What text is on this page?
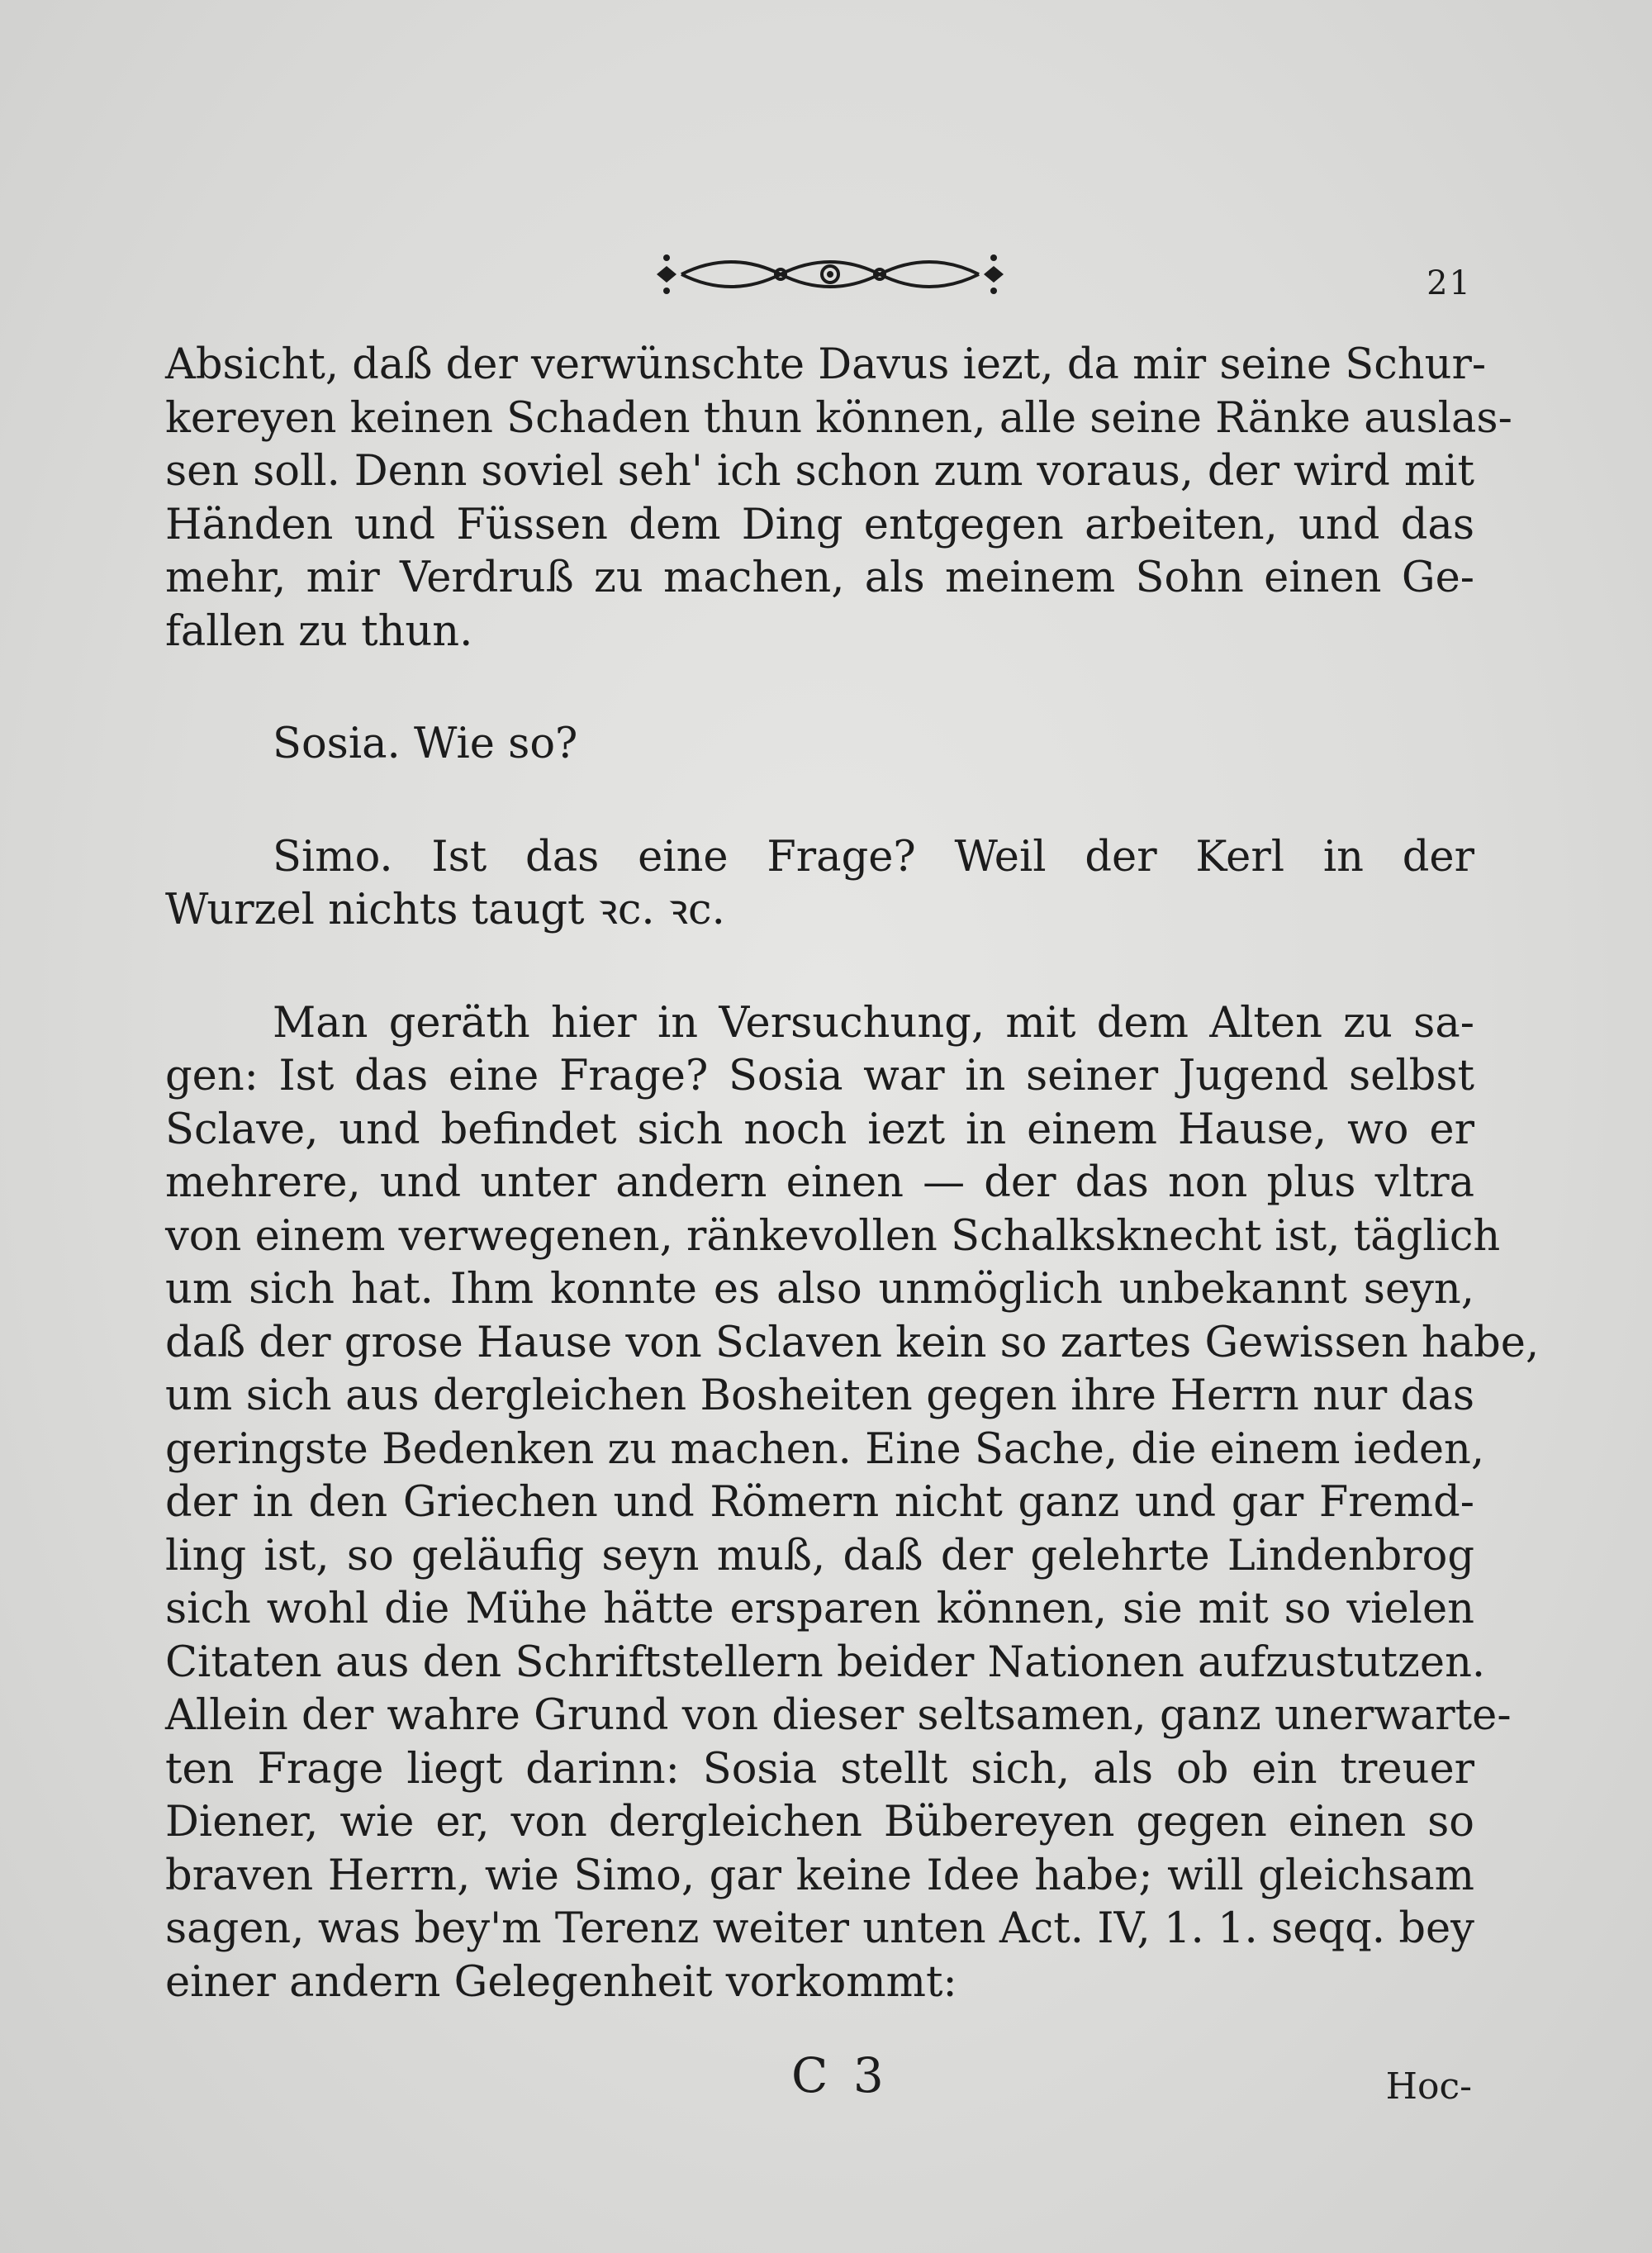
21

Absicht, daß der verwünschte Davus iezt, da mir seine Schur-
kereyen keinen Schaden thun können, alle seine Ränke auslas-
sen soll. Denn soviel seh' ich schon zum voraus, der wird mit
Händen und Füssen dem Ding entgegen arbeiten, und das
mehr, mir Verdruß zu machen, als meinem Sohn einen Ge-
fallen zu thun.

Sosia. Wie so?

Simo. Ist das eine Frage? Weil der Kerl in der
Wurzel nichts taugt ꝛc. ꝛc.

Man geräth hier in Versuchung, mit dem Alten zu sa-
gen: Ist das eine Frage? Sosia war in seiner Jugend selbst
Sclave, und befindet sich noch iezt in einem Hause, wo er
mehrere, und unter andern einen — der das non plus vltra
von einem verwegenen, ränkevollen Schalksknecht ist, täglich
um sich hat. Ihm konnte es also unmöglich unbekannt seyn,
daß der grose Hause von Sclaven kein so zartes Gewissen habe,
um sich aus dergleichen Bosheiten gegen ihre Herrn nur das
geringste Bedenken zu machen. Eine Sache, die einem ieden,
der in den Griechen und Römern nicht ganz und gar Fremd-
ling ist, so geläufig seyn muß, daß der gelehrte Lindenbrog
sich wohl die Mühe hätte ersparen können, sie mit so vielen
Citaten aus den Schriftstellern beider Nationen aufzustutzen.
Allein der wahre Grund von dieser seltsamen, ganz unerwarte-
ten Frage liegt darinn: Sosia stellt sich, als ob ein treuer
Diener, wie er, von dergleichen Bübereyen gegen einen so
braven Herrn, wie Simo, gar keine Idee habe; will gleichsam
sagen, was bey'm Terenz weiter unten Act. IV, 1. 1. seqq. bey
einer andern Gelegenheit vorkommt:

C 3	Hoc-
